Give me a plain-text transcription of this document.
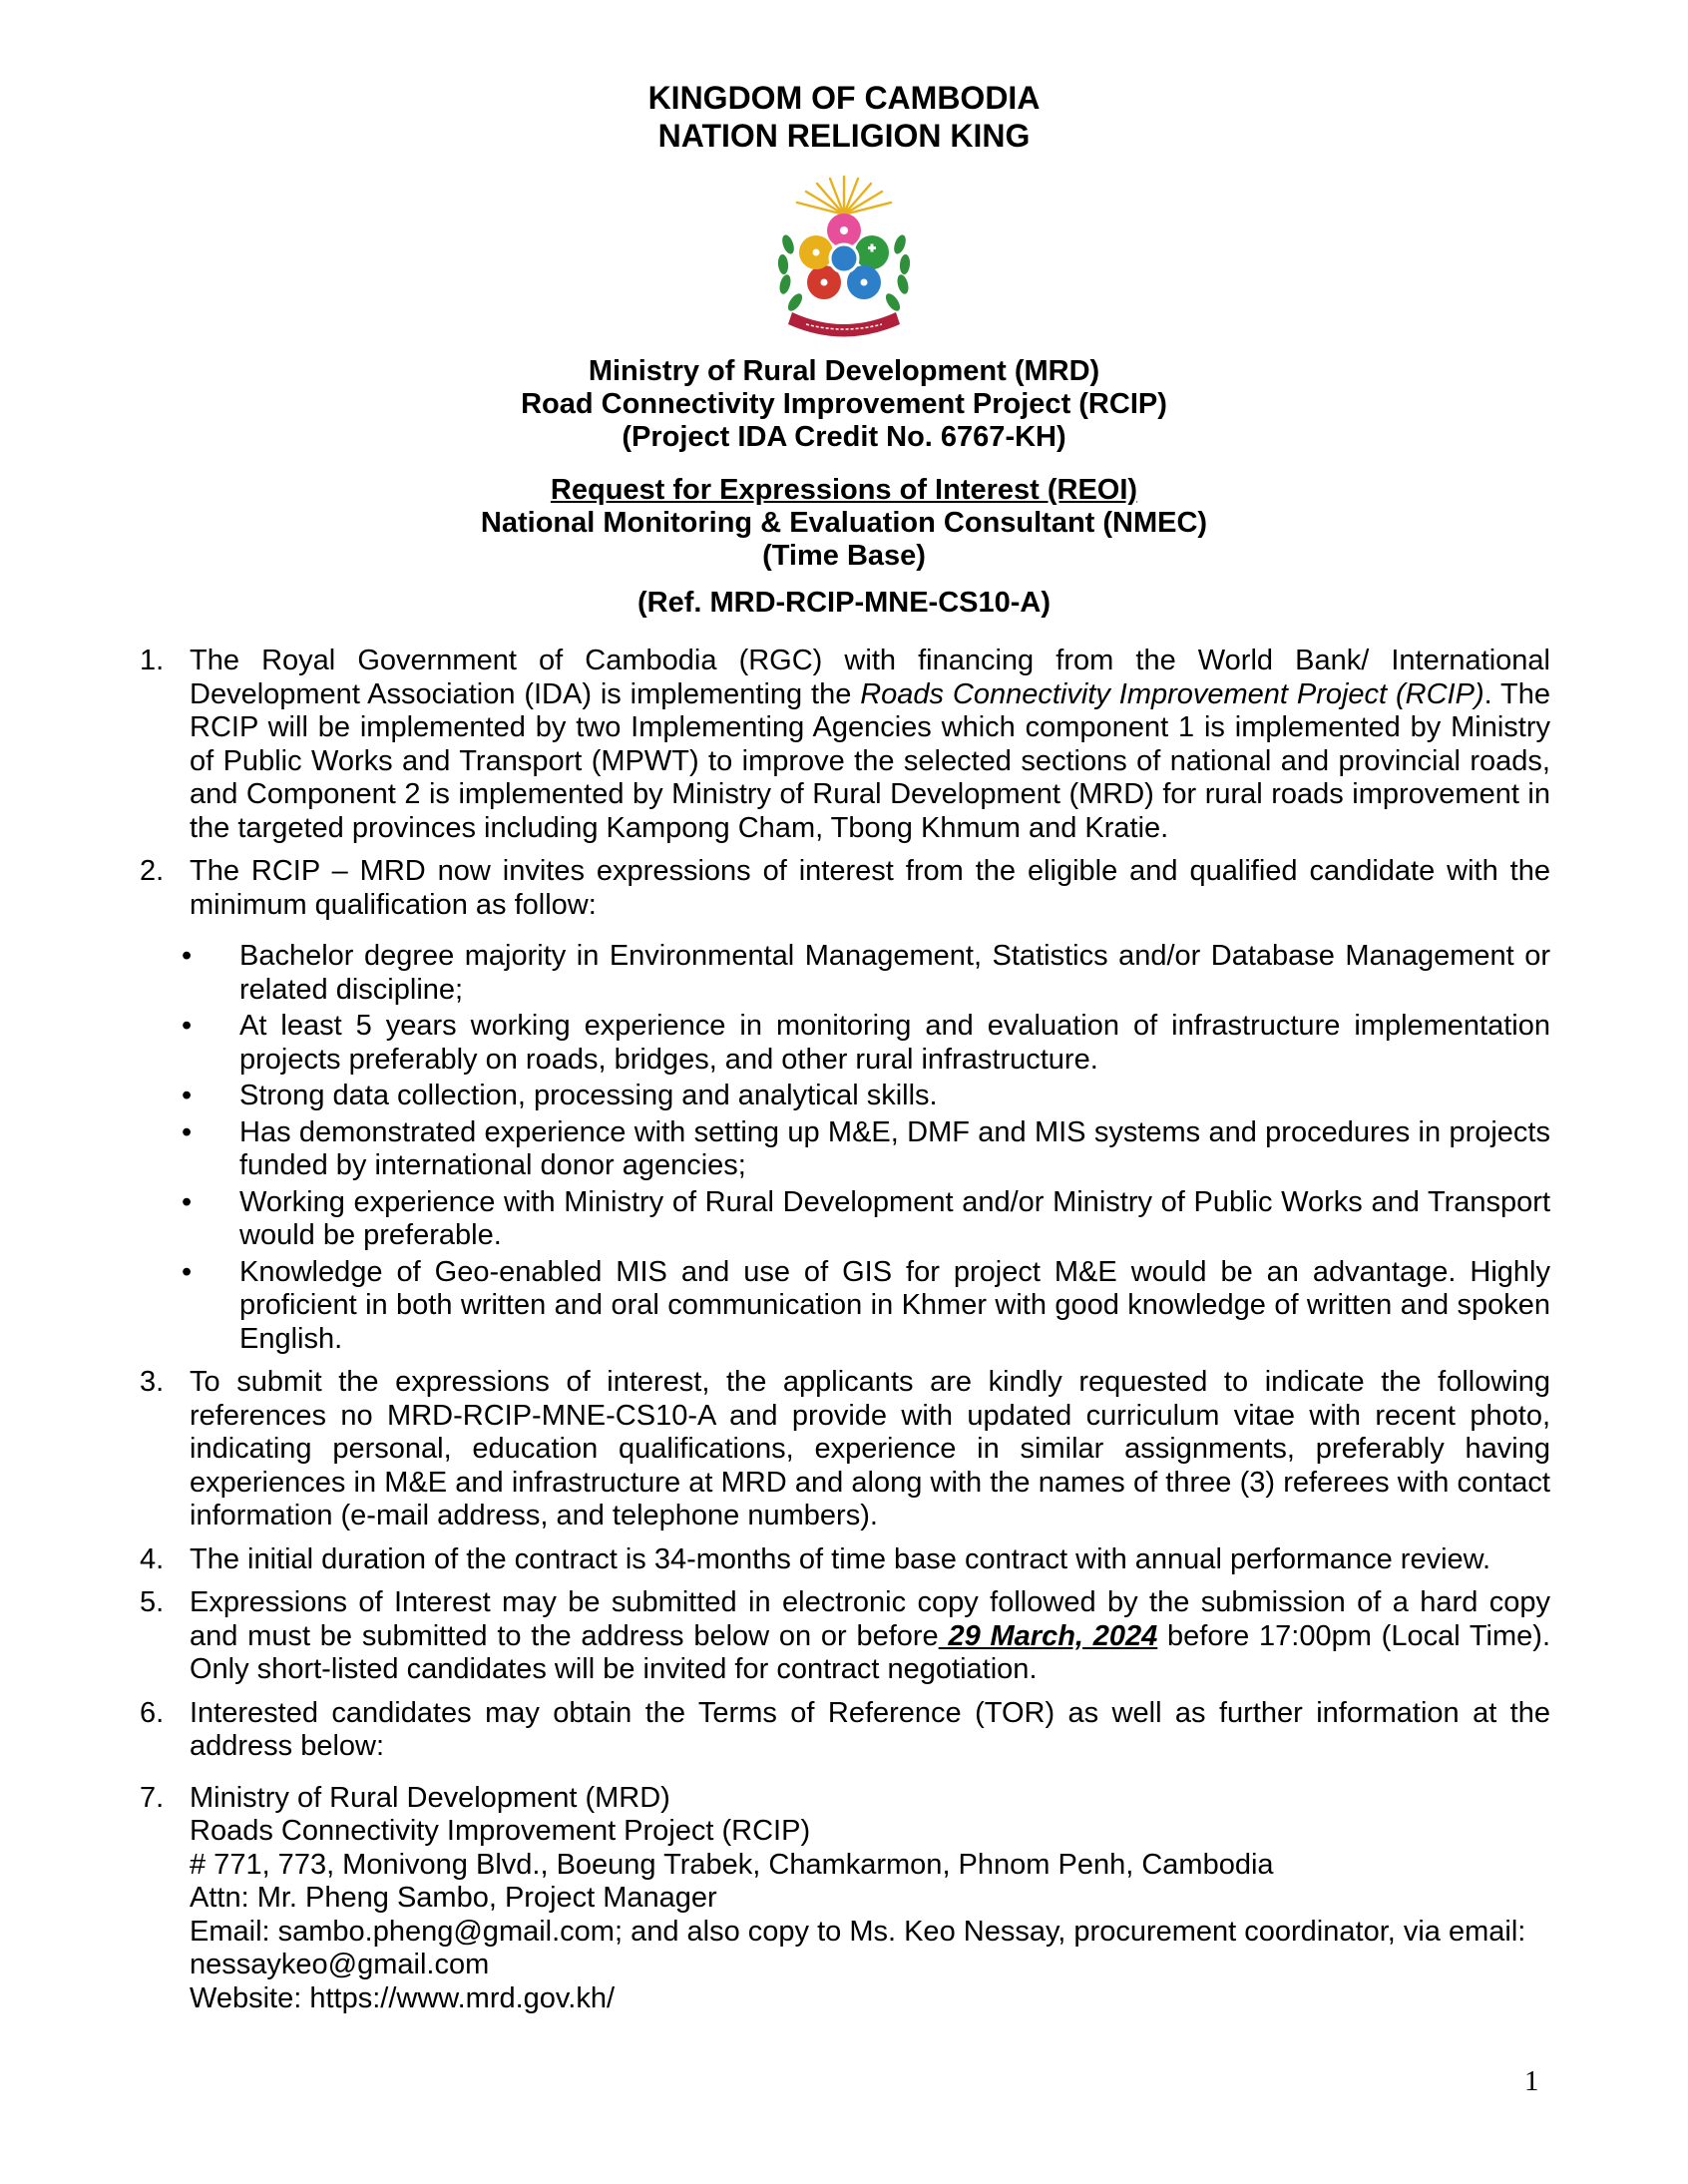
KINGDOM OF CAMBODIA
NATION RELIGION KING
Ministry of Rural Development (MRD)
Road Connectivity Improvement Project (RCIP)
(Project IDA Credit No. 6767-KH)
Request for Expressions of Interest (REOI)
National Monitoring & Evaluation Consultant (NMEC)
(Time Base)
(Ref. MRD-RCIP-MNE-CS10-A)
1. The Royal Government of Cambodia (RGC) with financing from the World Bank/ International Development Association (IDA) is implementing the Roads Connectivity Improvement Project (RCIP). The RCIP will be implemented by two Implementing Agencies which component 1 is implemented by Ministry of Public Works and Transport (MPWT) to improve the selected sections of national and provincial roads, and Component 2 is implemented by Ministry of Rural Development (MRD) for rural roads improvement in the targeted provinces including Kampong Cham, Tbong Khmum and Kratie.
2. The RCIP – MRD now invites expressions of interest from the eligible and qualified candidate with the minimum qualification as follow:
• Bachelor degree majority in Environmental Management, Statistics and/or Database Management or related discipline;
• At least 5 years working experience in monitoring and evaluation of infrastructure implementation projects preferably on roads, bridges, and other rural infrastructure.
• Strong data collection, processing and analytical skills.
• Has demonstrated experience with setting up M&E, DMF and MIS systems and procedures in projects funded by international donor agencies;
• Working experience with Ministry of Rural Development and/or Ministry of Public Works and Transport would be preferable.
• Knowledge of Geo-enabled MIS and use of GIS for project M&E would be an advantage. Highly proficient in both written and oral communication in Khmer with good knowledge of written and spoken English.
3. To submit the expressions of interest, the applicants are kindly requested to indicate the following references no MRD-RCIP-MNE-CS10-A and provide with updated curriculum vitae with recent photo, indicating personal, education qualifications, experience in similar assignments, preferably having experiences in M&E and infrastructure at MRD and along with the names of three (3) referees with contact information (e-mail address, and telephone numbers).
4. The initial duration of the contract is 34-months of time base contract with annual performance review.
5. Expressions of Interest may be submitted in electronic copy followed by the submission of a hard copy and must be submitted to the address below on or before 29 March, 2024 before 17:00pm (Local Time). Only short-listed candidates will be invited for contract negotiation.
6. Interested candidates may obtain the Terms of Reference (TOR) as well as further information at the address below:
7. Ministry of Rural Development (MRD)
Roads Connectivity Improvement Project (RCIP)
# 771, 773, Monivong Blvd., Boeung Trabek, Chamkarmon, Phnom Penh, Cambodia
Attn: Mr. Pheng Sambo, Project Manager
Email: sambo.pheng@gmail.com; and also copy to Ms. Keo Nessay, procurement coordinator, via email: nessaykeo@gmail.com
Website: https://www.mrd.gov.kh/
1
